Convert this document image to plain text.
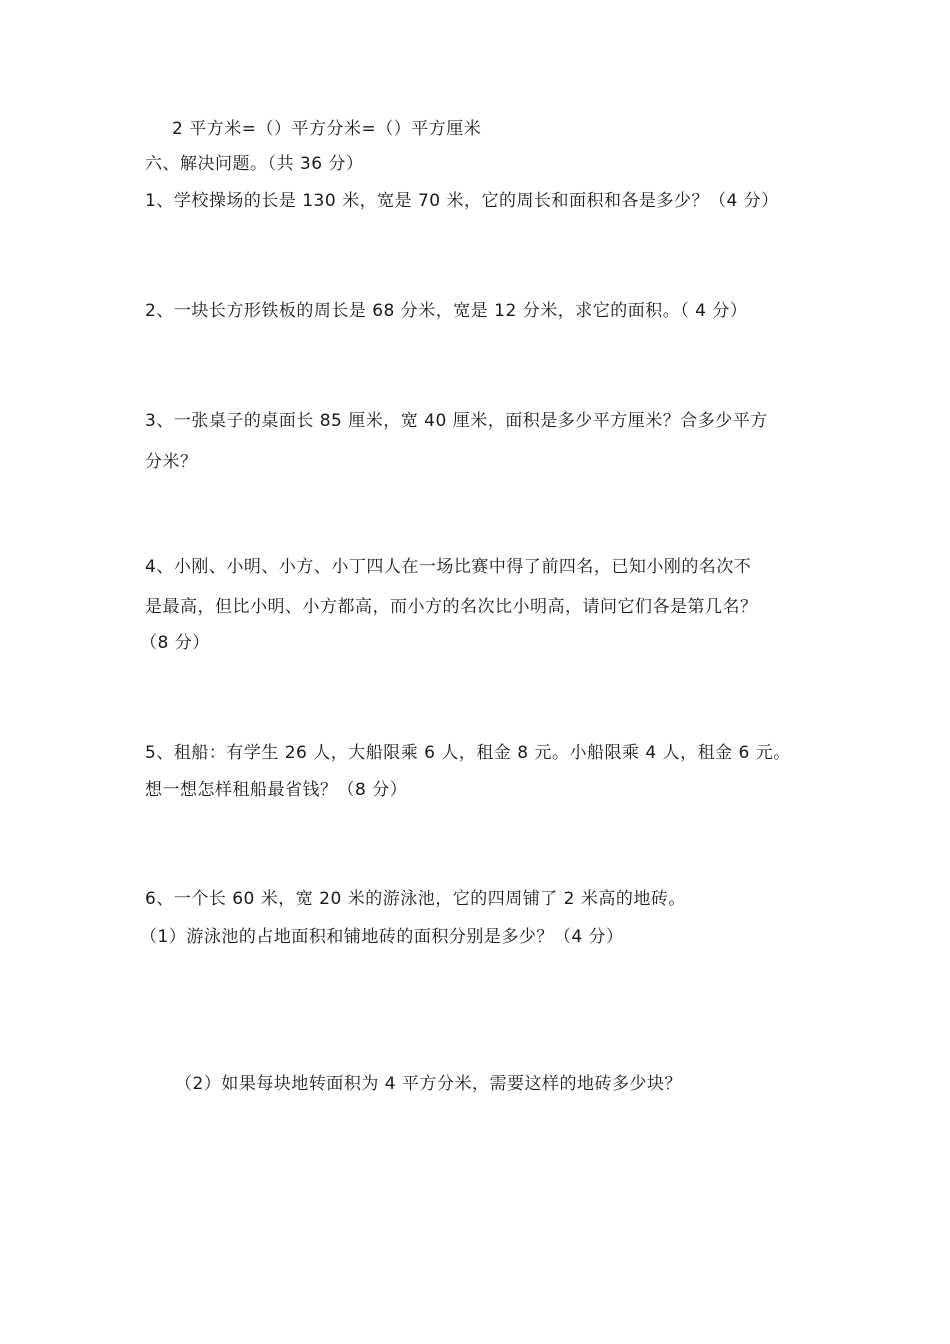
2 平方米=（）平方分米=（）平方厘米
六、解决问题。（共 36 分）
1、学校操场的长是 130 米，宽是 70 米，它的周长和面积和各是多少？（4 分）
2、一块长方形铁板的周长是 68 分米，宽是 12 分米，求它的面积。（ 4 分）
3、一张桌子的桌面长 85 厘米，宽 40 厘米，面积是多少平方厘米？合多少平方
分米？
4、小刚、小明、小方、小丁四人在一场比赛中得了前四名，已知小刚的名次不
是最高，但比小明、小方都高，而小方的名次比小明高，请问它们各是第几名？
（8 分）
5、租船：有学生 26 人，大船限乘 6 人，租金 8 元。小船限乘 4 人，租金 6 元。
想一想怎样租船最省钱？（8 分）
6、一个长 60 米，宽 20 米的游泳池，它的四周铺了 2 米高的地砖。
（1）游泳池的占地面积和铺地砖的面积分别是多少？（4 分）
（2）如果每块地转面积为 4 平方分米，需要这样的地砖多少块？
